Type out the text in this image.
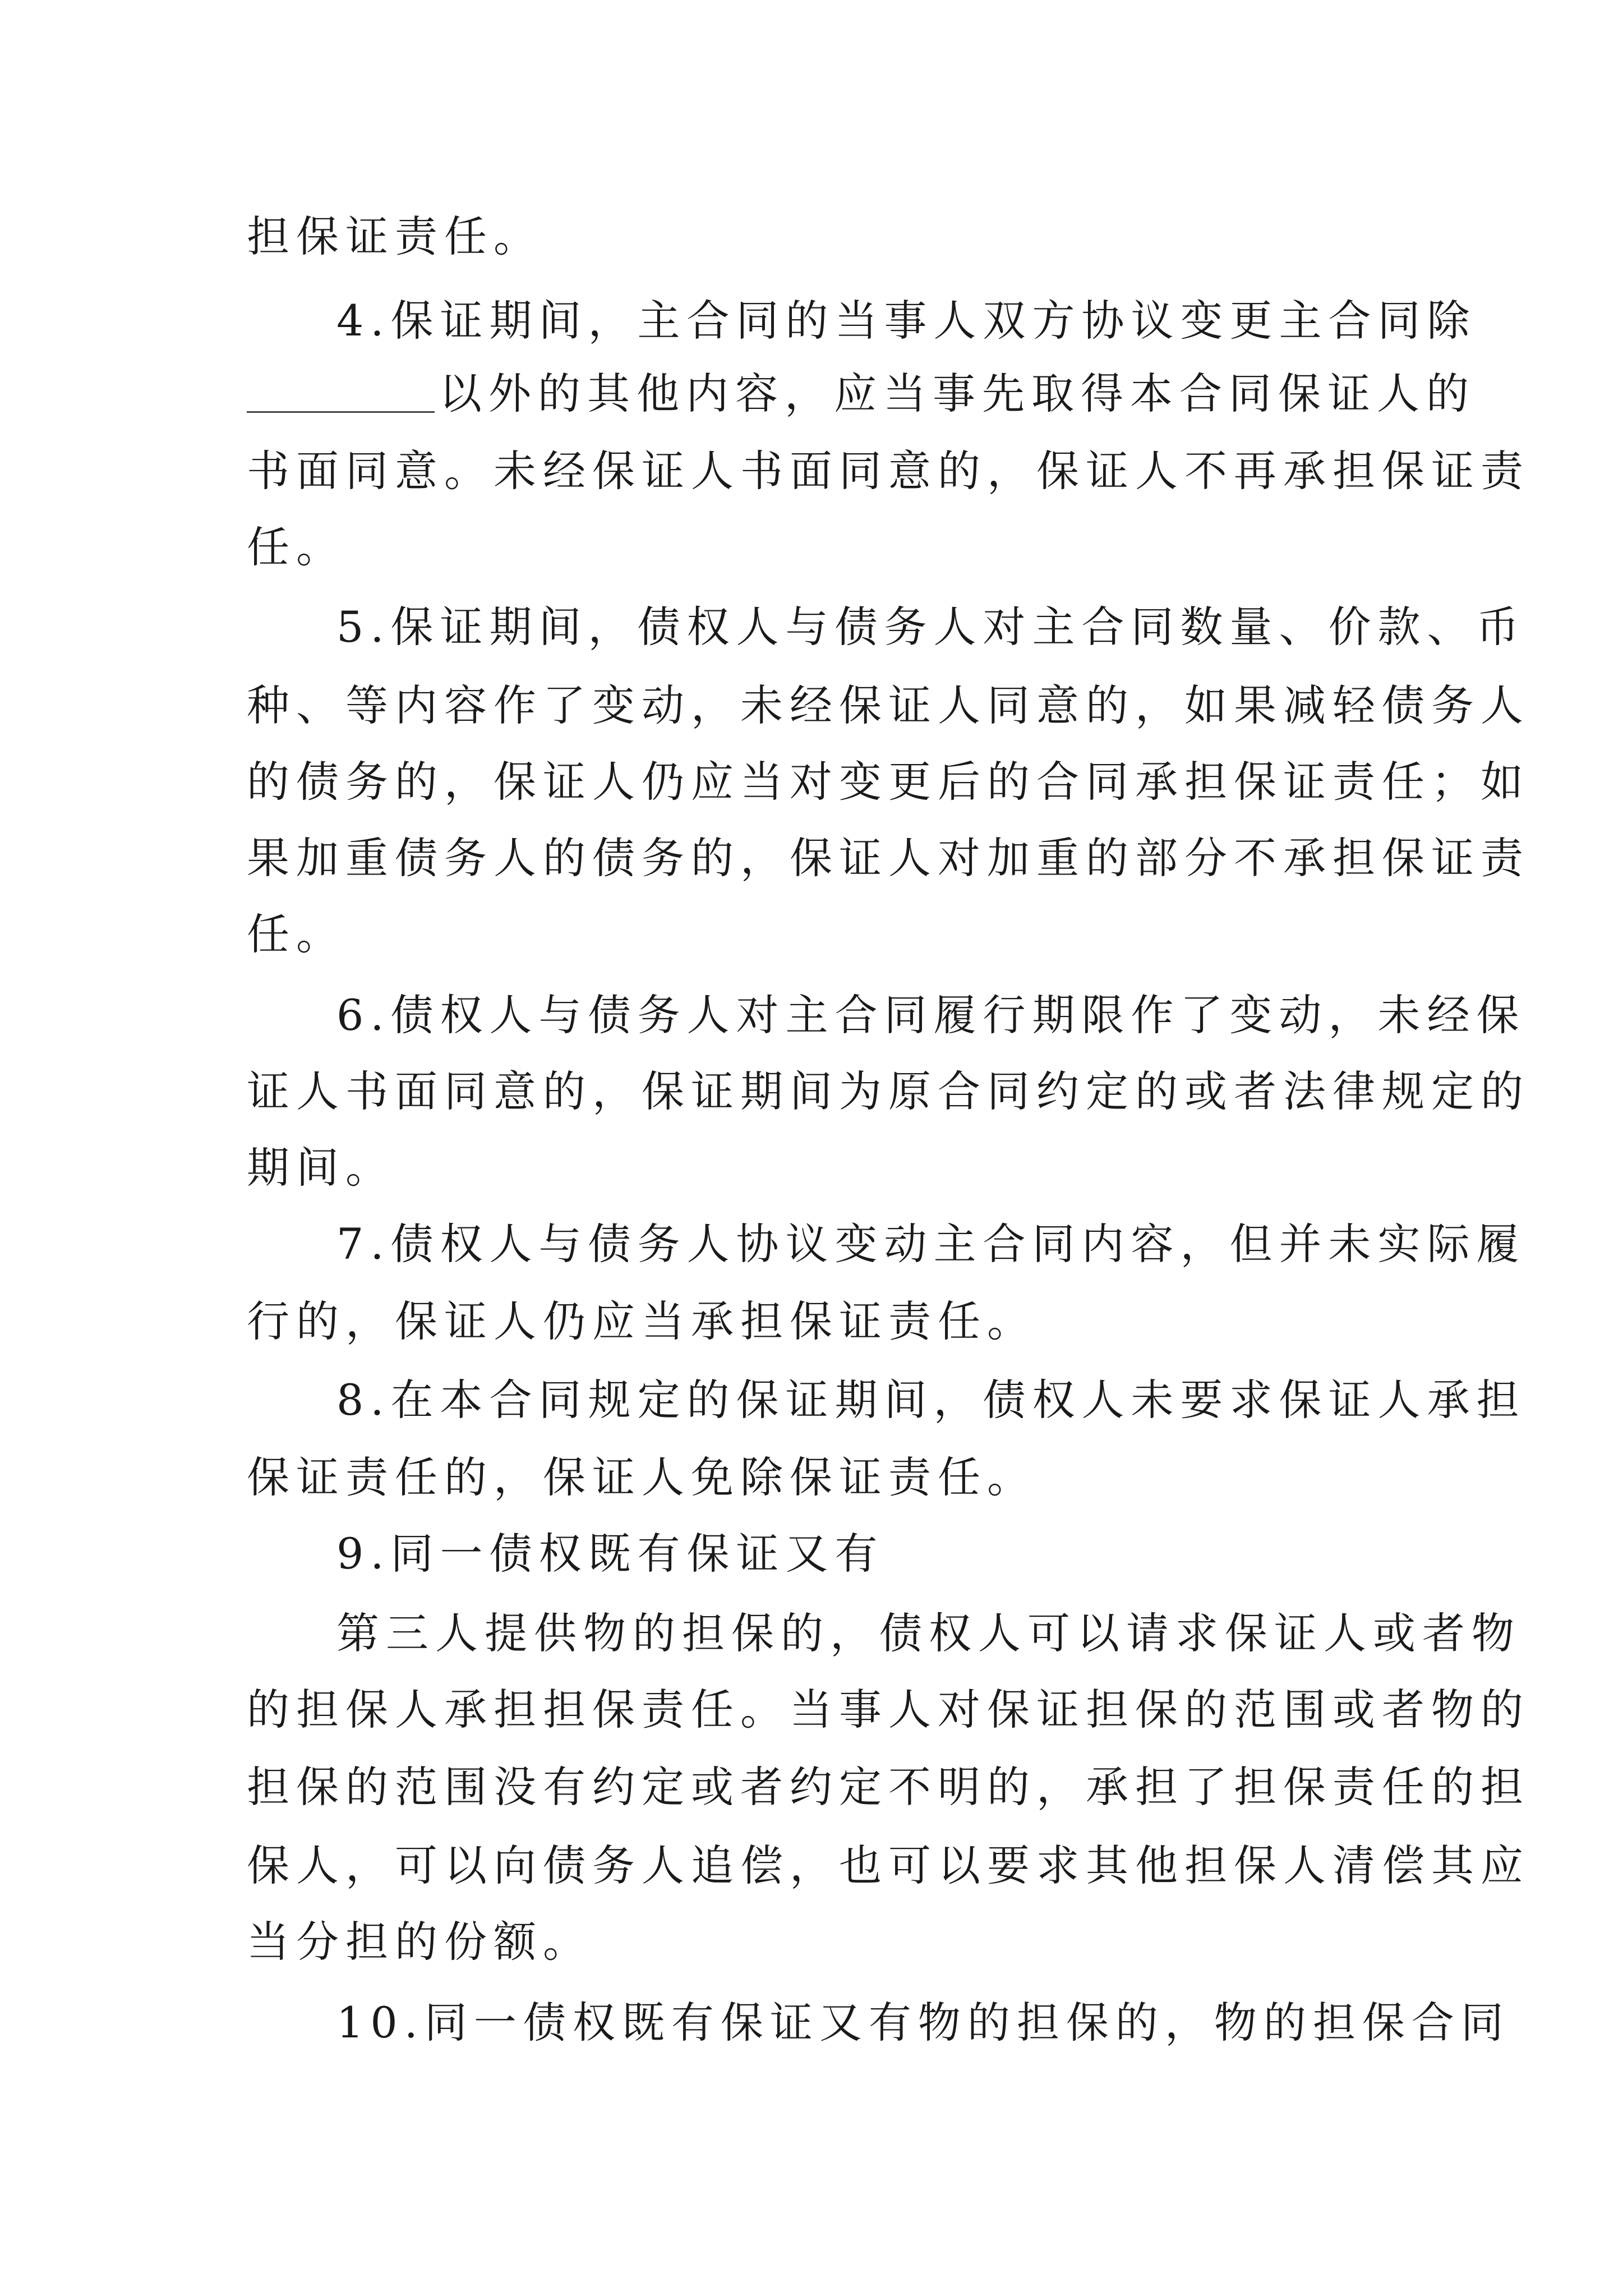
担保证责任。
4.保证期间，主合同的当事人双方协议变更主合同除
以外的其他内容，应当事先取得本合同保证人的
书面同意。未经保证人书面同意的，保证人不再承担保证责
任。
5.保证期间，债权人与债务人对主合同数量、价款、币
种、等内容作了变动，未经保证人同意的，如果减轻债务人
的债务的，保证人仍应当对变更后的合同承担保证责任；如
果加重债务人的债务的，保证人对加重的部分不承担保证责
任。
6.债权人与债务人对主合同履行期限作了变动，未经保
证人书面同意的，保证期间为原合同约定的或者法律规定的
期间。
7.债权人与债务人协议变动主合同内容，但并未实际履
行的，保证人仍应当承担保证责任。
8.在本合同规定的保证期间，债权人未要求保证人承担
保证责任的，保证人免除保证责任。
9.同一债权既有保证又有
第三人提供物的担保的，债权人可以请求保证人或者物
的担保人承担担保责任。当事人对保证担保的范围或者物的
担保的范围没有约定或者约定不明的，承担了担保责任的担
保人，可以向债务人追偿，也可以要求其他担保人清偿其应
当分担的份额。
10.同一债权既有保证又有物的担保的，物的担保合同
